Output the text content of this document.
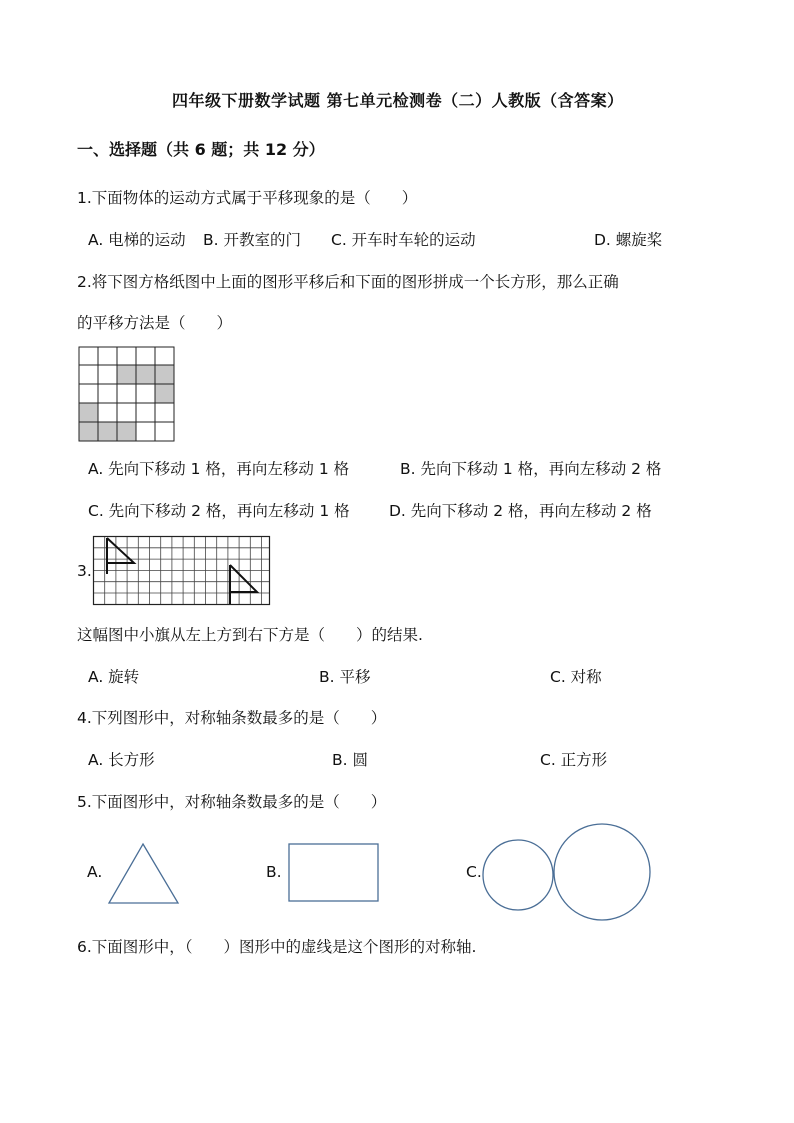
四年级下册数学试题 第七单元检测卷（二）人教版（含答案）
一、选择题（共 6 题；共 12 分）
1.下面物体的运动方式属于平移现象的是（　　）
A. 电梯的运动 B. 开教室的门 C. 开车时车轮的运动	D. 螺旋桨
2.将下图方格纸图中上面的图形平移后和下面的图形拼成一个长方形，那么正确
的平移方法是（　　）
A. 先向下移动 1 格，再向左移动 1 格	B. 先向下移动 1 格，再向左移动 2 格
C. 先向下移动 2 格，再向左移动 1 格	D. 先向下移动 2 格，再向左移动 2 格
3.
这幅图中小旗从左上方到右下方是（　　）的结果.
A. 旋转	B. 平移	C. 对称
4.下列图形中，对称轴条数最多的是（　　）
A. 长方形	B. 圆	C. 正方形
5.下面图形中，对称轴条数最多的是（　　）
A.	B.	C.
6.下面图形中，（　　）图形中的虚线是这个图形的对称轴.
